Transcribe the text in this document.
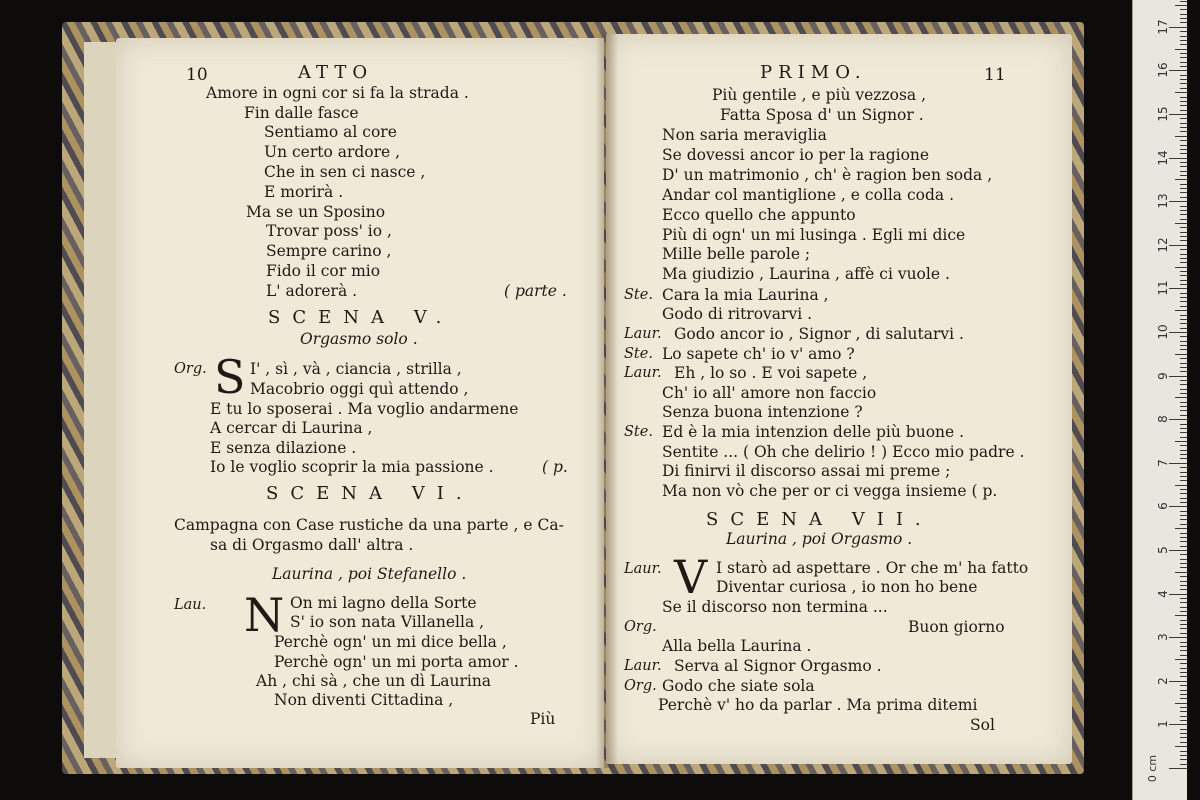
10	ATTO
Amore in ogni cor si fa la strada .
Fin dalle fasce
Sentiamo al core
Un certo ardore ,
Che in sen ci nasce ,
E morirà .
Ma se un Sposino
Trovar poss' io ,
Sempre carino ,
Fido il cor mio
L' adorerà .	( parte .
SCENA V.
Orgasmo solo .
Org. S I' , sì , và , ciancia , strilla ,
Macobrio oggi quì attendo ,
E tu lo sposerai . Ma voglio andarmene
A cercar di Laurina ,
E senza dilazione .
Io le voglio scoprir la mia passione .	( p.
SCENA VI.
Campagna con Case rustiche da una parte , e Ca-
sa di Orgasmo dall' altra .
Laurina , poi Stefanello .
Lau. N On mi lagno della Sorte
S' io son nata Villanella ,
Perchè ogn' un mi dice bella ,
Perchè ogn' un mi porta amor .
Ah , chi sà , che un dì Laurina
Non diventi Cittadina ,
Più
PRIMO.	11
Più gentile , e più vezzosa ,
Fatta Sposa d' un Signor .
Non saria meraviglia
Se dovessi ancor io per la ragione
D' un matrimonio , ch' è ragion ben soda ,
Andar col mantiglione , e colla coda .
Ecco quello che appunto
Più di ogn' un mi lusinga . Egli mi dice
Mille belle parole ;
Ma giudizio , Laurina , affè ci vuole .
Ste. Cara la mia Laurina ,
Godo di ritrovarvi .
Laur. Godo ancor io , Signor , di salutarvi .
Ste. Lo sapete ch' io v' amo ?
Laur. Eh , lo so . E voi sapete ,
Ch' io all' amore non faccio
Senza buona intenzione ?
Ste. Ed è la mia intenzion delle più buone .
Sentite ... ( Oh che delirio ! ) Ecco mio padre .
Di finirvi il discorso assai mi preme ;
Ma non vò che per or ci vegga insieme ( p.
SCENA VII.
Laurina , poi Orgasmo .
Laur. V I starò ad aspettare . Or che m' ha fatto
Diventar curiosa , io non ho bene
Se il discorso non termina ...
Org.	Buon giorno
Alla bella Laurina .
Laur. Serva al Signor Orgasmo .
Org. Godo che siate sola
Perchè v' ho da parlar . Ma prima ditemi
Sol
0 cm
1
2
3
4
5
6
7
8
9
10
11
12
13
14
15
16
17
